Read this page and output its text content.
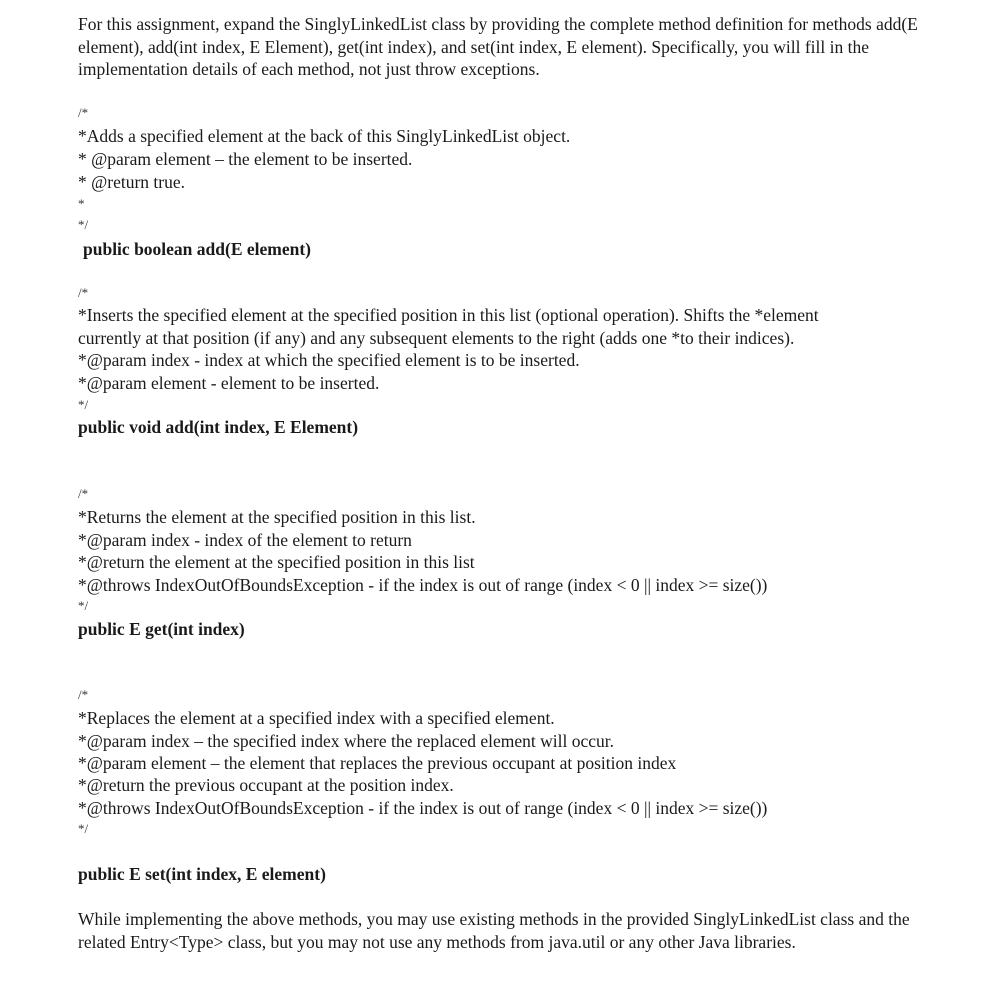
For this assignment, expand the SinglyLinkedList class by providing the complete method definition for methods add(E element), add(int index, E Element), get(int index), and set(int index, E element). Specifically, you will fill in the implementation details of each method, not just throw exceptions.

/*
*Adds a specified element at the back of this SinglyLinkedList object.
* @param element – the element to be inserted.
* @return true.
*
*/
public boolean add(E element)
/*
*Inserts the specified element at the specified position in this list (optional operation). Shifts the *element
currently at that position (if any) and any subsequent elements to the right (adds one *to their indices).
*@param index - index at which the specified element is to be inserted.
*@param element - element to be inserted.
*/
public void add(int index, E Element)
/*
*Returns the element at the specified position in this list.
*@param index - index of the element to return
*@return the element at the specified position in this list
*@throws IndexOutOfBoundsException - if the index is out of range (index < 0 || index >= size())
*/
public E get(int index)
/*
*Replaces the element at a specified index with a specified element.
*@param index – the specified index where the replaced element will occur.
*@param element – the element that replaces the previous occupant at position index
*@return the previous occupant at the position index.
*@throws IndexOutOfBoundsException - if the index is out of range (index < 0 || index >= size())
*/
public E set(int index, E element)

While implementing the above methods, you may use existing methods in the provided SinglyLinkedList class and the related Entry<Type> class, but you may not use any methods from java.util or any other Java libraries.
